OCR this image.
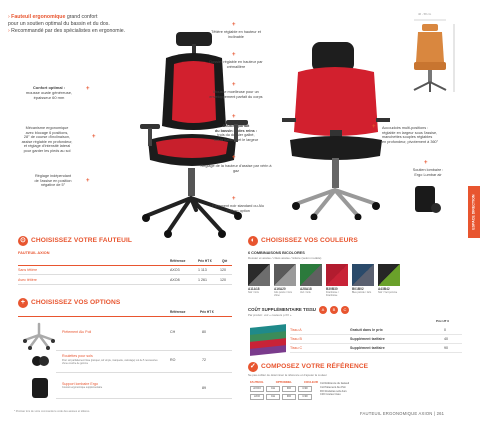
› Fauteuil ergonomique grand confort
pour un soutien optimal du bassin et du dos.
› Recommandé par des spécialistes en ergonomie.
46 - 58 cm
Confort optimal :
mousse ouate généreuse,
épaisseur 60 mm
+
Mécanisme ergonomique
avec blocage 6 positions,
28° de course d'inclinaison,
assise réglable en profondeur,
et réglage d'intensité lateral
pour garder les pieds au sol
+
Réglage indépendant
de l'assise en position
négative de 5°
+
+
Têtière réglable en hauteur et inclinable
+
Dossier réglable en hauteur par crémaillère
+
Mousse moelleuse pour un enveloppement parfait du corps
+
Soutien parfait
du bassin et des reins :
trois du dossier galbé,
sur la hauteur et le largeur
+
Réglage de la hauteur d'assise par vérin à gaz
+
Piètement noir standard ou Alu PoS en option
+ Accoudoirs multi-positions :
réglable en largeur sous l'assise,
manchettes souples réglables
en profondeur, pivotement à 360°
+
Soutien lombaire :
Ergo Lumbar air
ESPACE DIRECTION
⊙ CHOISISSEZ VOTRE FAUTEUIL
FAUTEUIL AXION
Référence	Prix HT €	Qté
Sans têtière	AXO3	1 113	120
Avec têtière	AXO8	1 261	120
+ CHOISISSEZ VOS OPTIONS
Référence	Prix HT €
Piétement Alu Poli	CH	80
Roulettes pour sols
Pour sol parfaitement lisse (parquet, sol vinyle, marquette, carrelage) Lot de 5 recouvertes d'une couche de gomme
RO	72
Support lombaire Ergo
Coussin ergonomique supplémentaire	89
* Préciser lors de votre commande le code des assises et têtières.
◐ CHOISISSEZ VOS COULEURS
6 COMBINAISONS BICOLORES
Dossier et assise / côtés assise / têtière (selon modèle)
A11A18
Noir / Gris
A16A20
Gris poivré / Gris chiné
A28A18
Vert / Gris
B30B30
Framboise / Framboise
B01B02
Bleu pétrole / Gris
A43B42
Noir / Vert pomme
COÛT SUPPLÉMENTAIRE TISSU	A	B	C
Par produit : voir « couleurs p.XX »
Prix HT €
Tissu A	Gratuit dans le prix	0
Tissu B	Supplément tarifaire	40
Tissu C	Supplément tarifaire	90
✓ COMPOSEZ VOTRE RÉFÉRENCE
Ne pas oublier de déterminer la référence et d'ajouter la couleur
FAUTEUIL	OPTIONNEL	COULEUR
AXO3	CH	RO	C30
AXO	CH	RO	C30
CH Référence du fauteuil
CH Piétement Alu Poli
RO Roulettes sols durs
C30 Couleur tissu
FAUTEUIL ERGONOMIQUE AXION | 261
